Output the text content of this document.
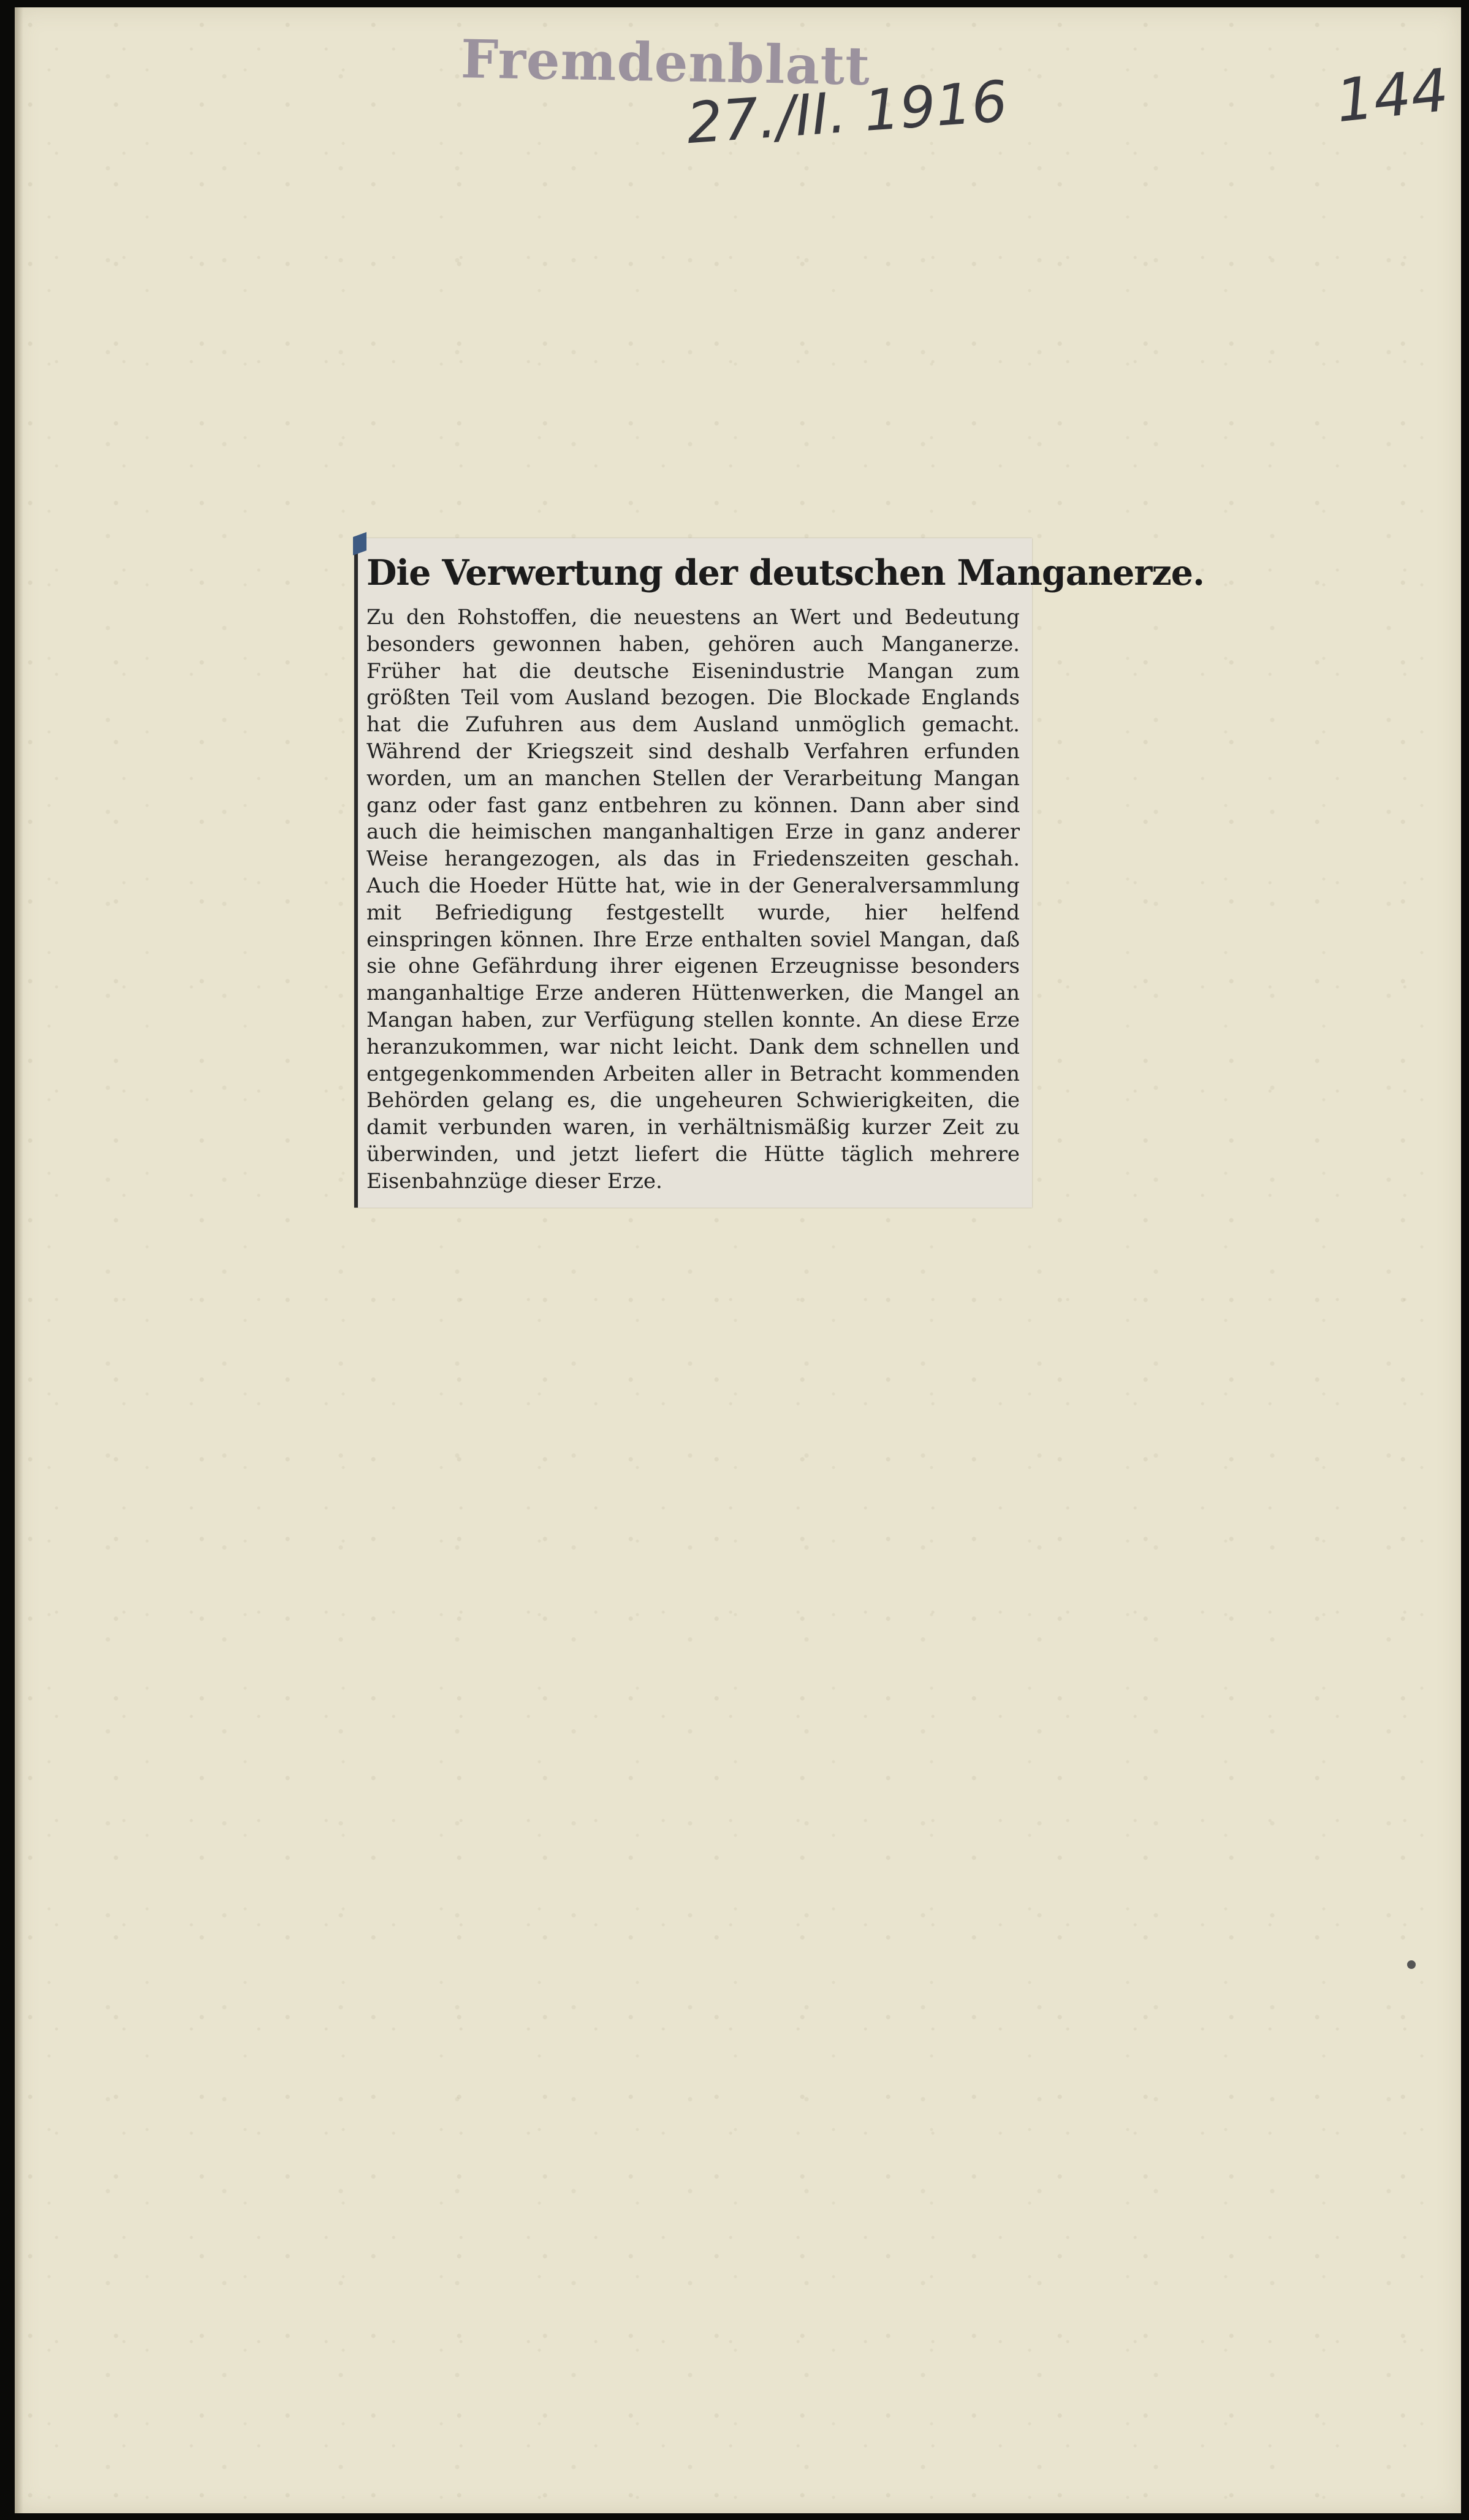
Fremdenblatt
27./II. 1916	144
Die Verwertung der deutschen Manganerze.

Zu den Rohstoffen, die neuestens an Wert und Bedeutung besonders gewonnen haben, gehören auch Manganerze. Früher hat die deutsche Eisenindustrie Mangan zum größten Teil vom Ausland bezogen. Die Blockade Englands hat die Zufuhren aus dem Ausland unmöglich gemacht. Während der Kriegszeit sind deshalb Verfahren erfunden worden, um an manchen Stellen der Verarbeitung Mangan ganz oder fast ganz entbehren zu können. Dann aber sind auch die heimischen manganhaltigen Erze in ganz anderer Weise herangezogen, als das in Friedenszeiten geschah. Auch die Hoeder Hütte hat, wie in der Generalversammlung mit Befriedigung festgestellt wurde, hier helfend einspringen können. Ihre Erze enthalten soviel Mangan, daß sie ohne Gefährdung ihrer eigenen Erzeugnisse besonders manganhaltige Erze anderen Hüttenwerken, die Mangel an Mangan haben, zur Verfügung stellen konnte. An diese Erze heranzukommen, war nicht leicht. Dank dem schnellen und entgegenkommenden Arbeiten aller in Betracht kommenden Behörden gelang es, die ungeheuren Schwierigkeiten, die damit verbunden waren, in verhältnismäßig kurzer Zeit zu überwinden, und jetzt liefert die Hütte täglich mehrere Eisenbahnzüge dieser Erze.
